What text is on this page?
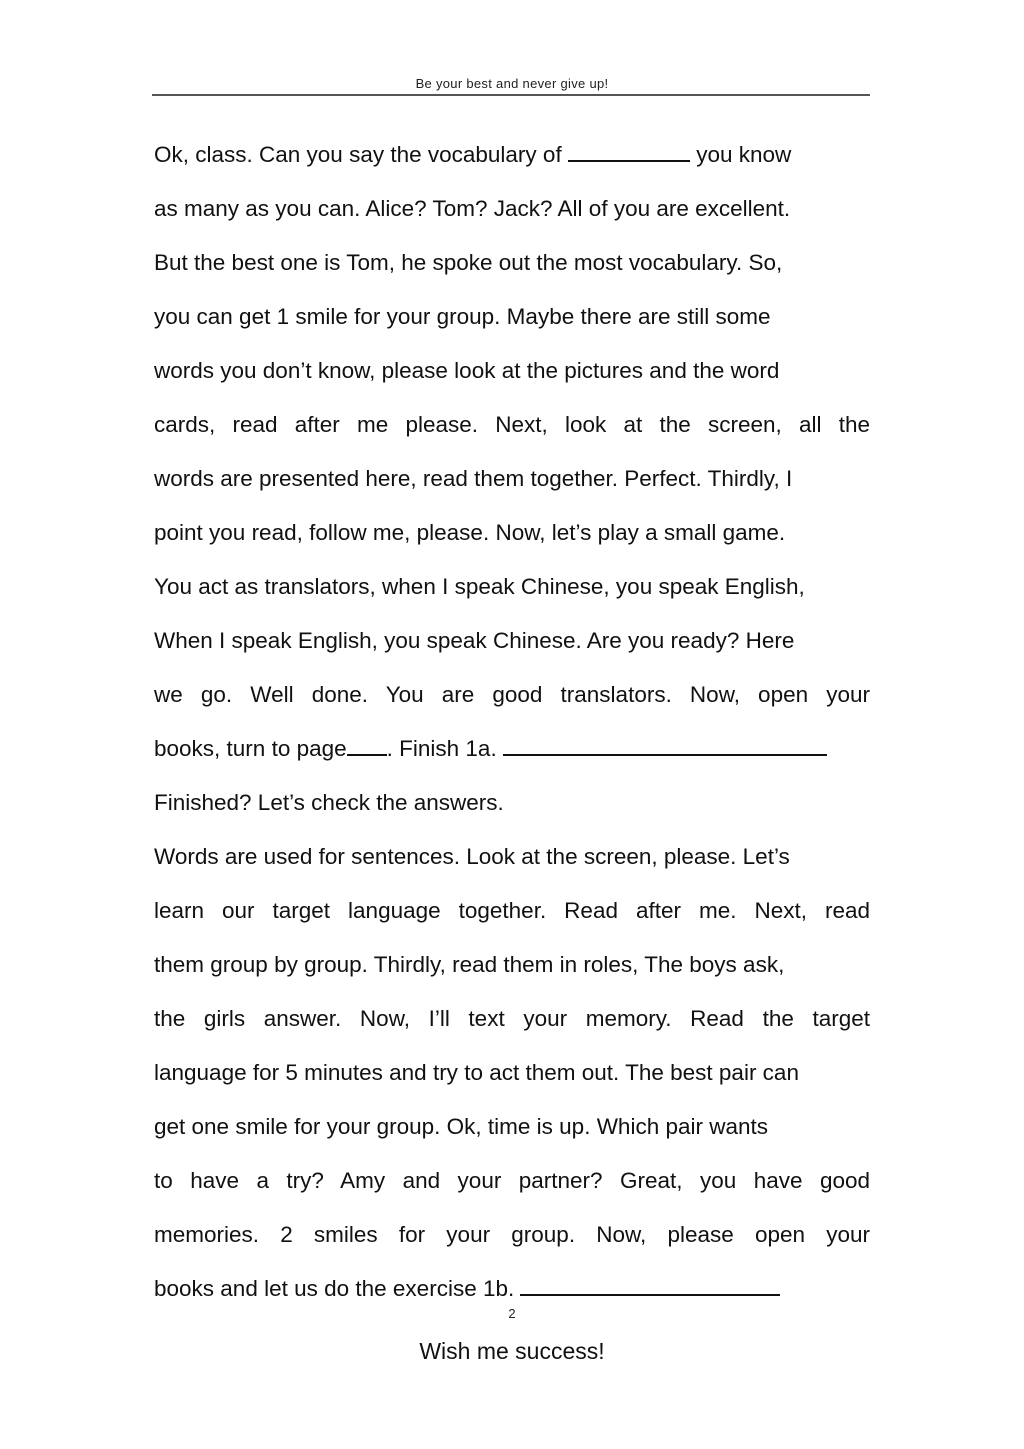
Be your best and never give up!
Ok, class. Can you say the vocabulary of	you know
as many as you can. Alice? Tom? Jack? All of you are excellent.
But the best one is Tom, he spoke out the most vocabulary. So,
you can get 1 smile for your group. Maybe there are still some
words you don’t know, please look at the pictures and the word
cards, read after me please. Next, look at the screen, all the
words are presented here, read them together. Perfect. Thirdly, I
point you read, follow me, please. Now, let’s play a small game.
You act as translators, when I speak Chinese, you speak English,
When I speak English, you speak Chinese. Are you ready? Here
we go. Well done. You are good translators. Now, open your
books, turn to page . Finish 1a.
Finished? Let’s check the answers.
Words are used for sentences. Look at the screen, please. Let’s
learn our target language together. Read after me. Next, read
them group by group. Thirdly, read them in roles, The boys ask,
the girls answer. Now, I’ll text your memory. Read the target
language for 5 minutes and try to act them out. The best pair can
get one smile for your group. Ok, time is up. Which pair wants
to have a try? Amy and your partner? Great, you have good
memories. 2 smiles for your group. Now, please open your
books and let us do the exercise 1b.
2
Wish me success!
